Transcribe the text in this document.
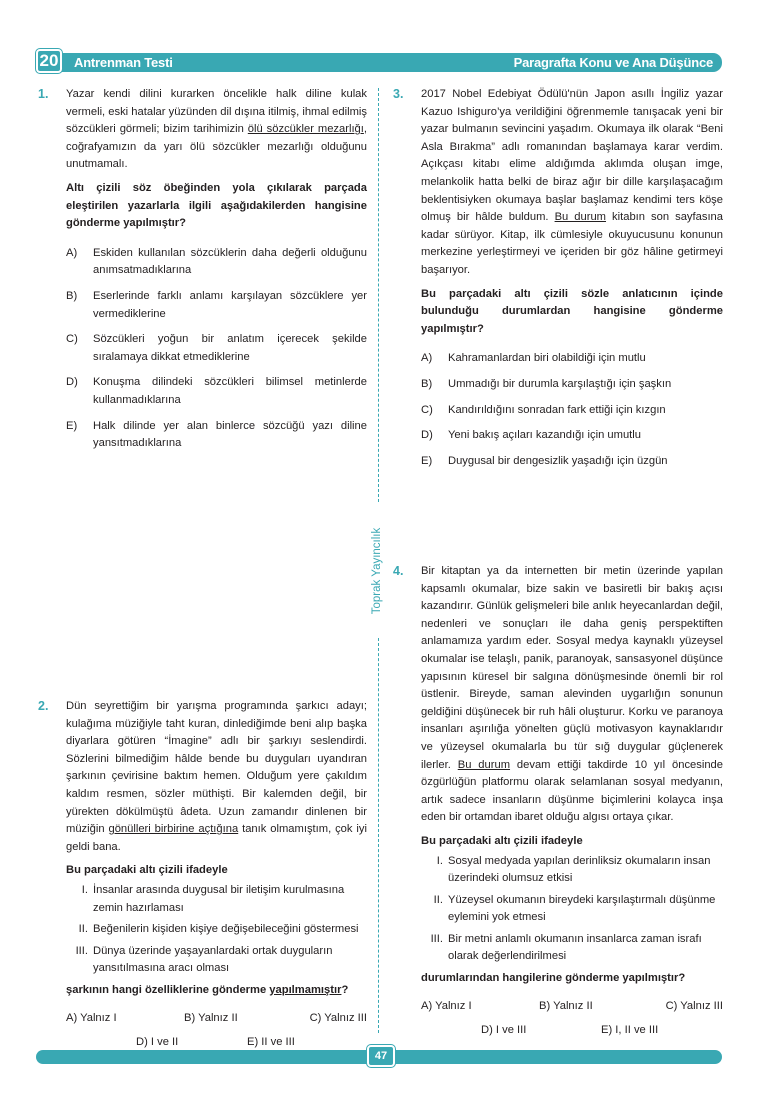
20 Antrenman Testi	Paragrafta Konu ve Ana Düşünce
Toprak Yayıncılık
1. Yazar kendi dilini kurarken öncelikle halk diline kulak vermeli, eski hatalar yüzünden dil dışına itilmiş, ihmal edilmiş sözcükleri görmeli; bizim tarihimizin ölü sözcükler mezarlığı, coğrafyamızın da yarı ölü sözcükler mezarlığı olduğunu unutmamalı.

Altı çizili söz öbeğinden yola çıkılarak parçada eleştirilen yazarlarla ilgili aşağıdakilerden hangisine gönderme yapılmıştır?

A) Eskiden kullanılan sözcüklerin daha değerli olduğunu anımsatmadıklarına
B) Eserlerinde farklı anlamı karşılayan sözcüklere yer vermediklerine
C) Sözcükleri yoğun bir anlatım içerecek şekilde sıralamaya dikkat etmediklerine
D) Konuşma dilindeki sözcükleri bilimsel metinlerde kullanmadıklarına
E) Halk dilinde yer alan binlerce sözcüğü yazı diline yansıtmadıklarına
2. Dün seyrettiğim bir yarışma programında şarkıcı adayı; kulağıma müziğiyle taht kuran, dinlediğimde beni alıp başka diyarlara götüren “İmagine” adlı bir şarkıyı seslendirdi. Sözlerini bilmediğim hâlde bende bu duyguları uyandıran şarkının çevirisine baktım hemen. Olduğum yere çakıldım kaldım resmen, sözler müthişti. Bir kalemden değil, bir yürekten dökülmüştü âdeta. Uzun zamandır dinlenen bir müziğin gönülleri birbirine açtığına tanık olmamıştım, çok iyi geldi bana.

Bu parçadaki altı çizili ifadeyle

I. İnsanlar arasında duygusal bir iletişim kurulmasına zemin hazırlaması
II. Beğenilerin kişiden kişiye değişebileceğini göstermesi
III. Dünya üzerinde yaşayanlardaki ortak duyguların yansıtılmasına aracı olması

şarkının hangi özelliklerine gönderme yapılmamıştır?

A) Yalnız I	B) Yalnız II	C) Yalnız III
D) I ve II	E) II ve III
3. 2017 Nobel Edebiyat Ödülü'nün Japon asıllı İngiliz yazar Kazuo Ishiguro’ya verildiğini öğrenmemle tanışacak yeni bir yazar bulmanın sevincini yaşadım. Okumaya ilk olarak “Beni Asla Bırakma” adlı romanından başlamaya karar verdim. Açıkçası kitabı elime aldığımda aklımda oluşan imge, melankolik hatta belki de biraz ağır bir dille karşılaşacağım beklentisiyken okumaya başlar başlamaz kendimi ters köşe olmuş bir hâlde buldum. Bu durum kitabın son sayfasına kadar sürüyor. Kitap, ilk cümlesiyle okuyucusunu konunun merkezine yerleştirmeyi ve içeriden bir göz hâline getirmeyi başarıyor.

Bu parçadaki altı çizili sözle anlatıcının içinde bulunduğu durumlardan hangisine gönderme yapılmıştır?

A) Kahramanlardan biri olabildiği için mutlu
B) Ummadığı bir durumla karşılaştığı için şaşkın
C) Kandırıldığını sonradan fark ettiği için kızgın
D) Yeni bakış açıları kazandığı için umutlu
E) Duygusal bir dengesizlik yaşadığı için üzgün
4. Bir kitaptan ya da internetten bir metin üzerinde yapılan kapsamlı okumalar, bize sakin ve basiretli bir bakış açısı kazandırır. Günlük gelişmeleri bile anlık heyecanlardan değil, nedenleri ve sonuçları ile daha geniş perspektiften anlamamıza yardım eder. Sosyal medya kaynaklı yüzeysel okumalar ise telaşlı, panik, paranoyak, sansasyonel düşünce yapısının küresel bir salgına dönüşmesinde önemli bir rol üstlenir. Bireyde, saman alevinden uygarlığın sonunun geldiğini düşünecek bir ruh hâli oluşturur. Korku ve paranoya insanları aşırılığa yönelten güçlü motivasyon kaynaklarıdır ve yüzeysel okumalarla bu tür sığ duygular güçlenerek ilerler. Bu durum devam ettiği takdirde 10 yıl öncesinde özgürlüğün platformu olarak selamlanan sosyal medyanın, artık sadece insanların düşünme biçimlerini kolayca inşa eden bir ortamdan ibaret olduğu algısı ortaya çıkar.

Bu parçadaki altı çizili ifadeyle

I. Sosyal medyada yapılan derinliksiz okumaların insan üzerindeki olumsuz etkisi
II. Yüzeysel okumanın bireydeki karşılaştırmalı düşünme eylemini yok etmesi
III. Bir metni anlamlı okumanın insanlarca zaman israfı olarak değerlendirilmesi

durumlarından hangilerine gönderme yapılmıştır?

A) Yalnız I	B) Yalnız II	C) Yalnız III
D) I ve III	E) I, II ve III
47
